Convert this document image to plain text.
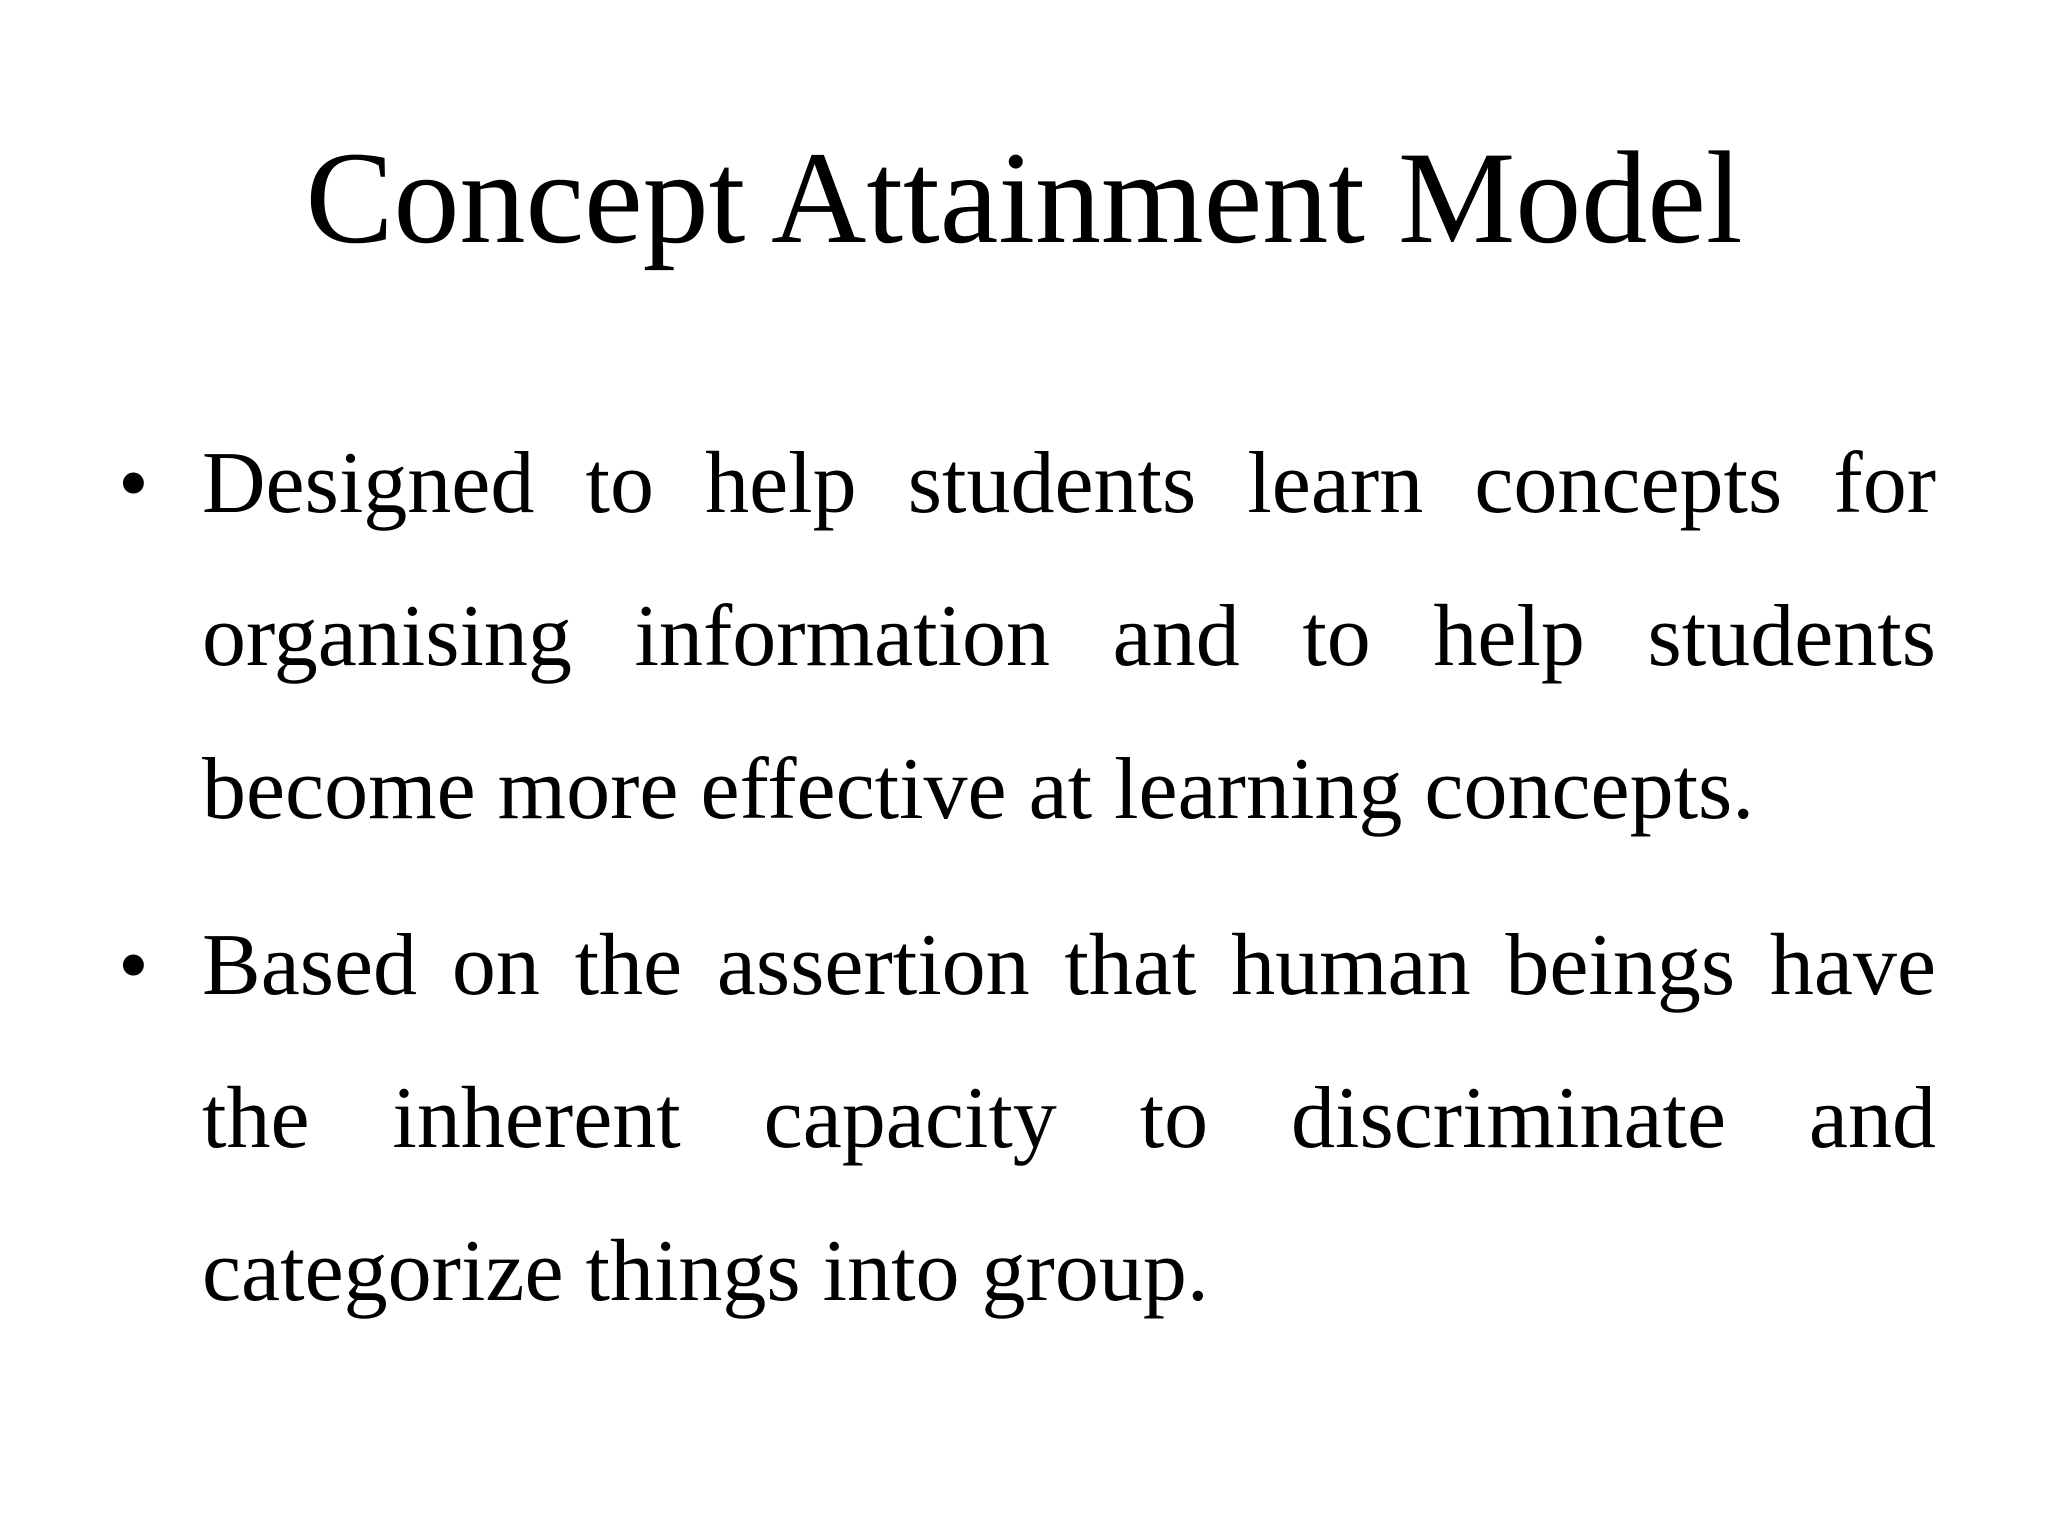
Concept Attainment Model
• Designed to help students learn concepts for organising information and to help students become more effective at learning concepts.
• Based on the assertion that human beings have the inherent capacity to discriminate and categorize things into group.
